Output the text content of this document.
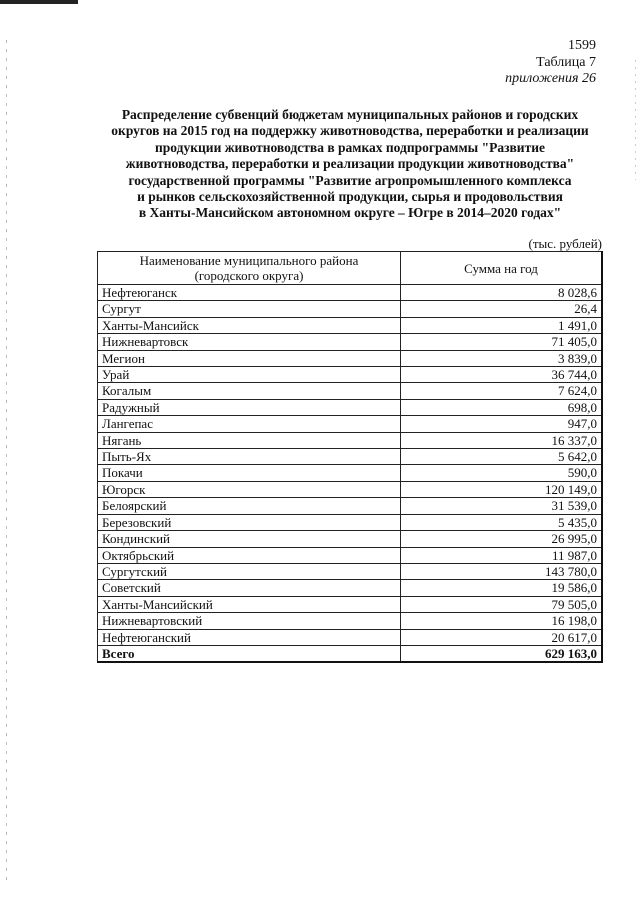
1599
Таблица 7
приложения 26
Распределение субвенций бюджетам муниципальных районов и городских
округов на 2015 год на поддержку животноводства, переработки и реализации
продукции животноводства в рамках подпрограммы "Развитие
животноводства, переработки и реализации продукции животноводства"
государственной программы "Развитие агропромышленного комплекса
и рынков сельскохозяйственной продукции, сырья и продовольствия
в Ханты-Мансийском автономном округе – Югре в 2014–2020 годах"
(тыс. рублей)
Наименование муниципального района
(городского округа)	Сумма на год
Нефтеюганск	8 028,6
Сургут	26,4
Ханты-Мансийск	1 491,0
Нижневартовск	71 405,0
Мегион	3 839,0
Урай	36 744,0
Когалым	7 624,0
Радужный	698,0
Лангепас	947,0
Нягань	16 337,0
Пыть-Ях	5 642,0
Покачи	590,0
Югорск	120 149,0
Белоярский	31 539,0
Березовский	5 435,0
Кондинский	26 995,0
Октябрьский	11 987,0
Сургутский	143 780,0
Советский	19 586,0
Ханты-Мансийский	79 505,0
Нижневартовский	16 198,0
Нефтеюганский	20 617,0
Всего	629 163,0
